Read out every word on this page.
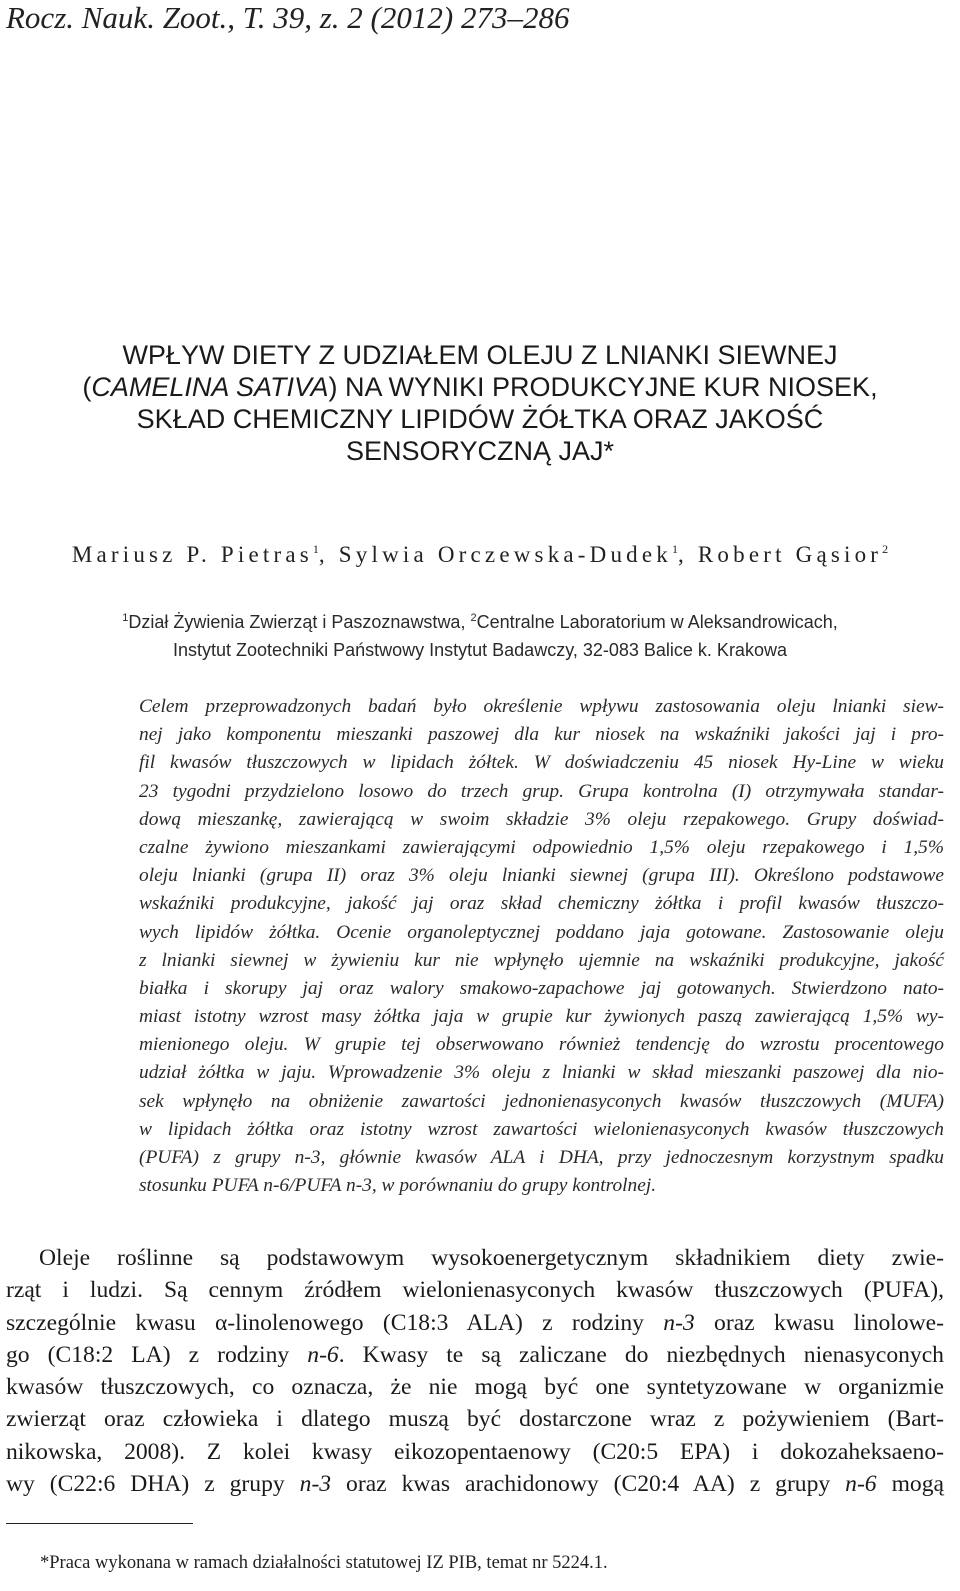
Rocz. Nauk. Zoot., T. 39, z. 2 (2012) 273–286
WPŁYW DIETY Z UDZIAŁEM OLEJU Z LNIANKI SIEWNEJ
(CAMELINA SATIVA) NA WYNIKI PRODUKCYJNE KUR NIOSEK,
SKŁAD CHEMICZNY LIPIDÓW ŻÓŁTKA ORAZ JAKOŚĆ
SENSORYCZNĄ JAJ*
Mariusz P. Pietras$^1$, Sylwia Orczewska-Dudek$^1$, Robert Gąsior$^2$
$^1$Dział Żywienia Zwierząt i Paszoznawstwa, $^2$Centralne Laboratorium w Aleksandrowicach,
Instytut Zootechniki Państwowy Instytut Badawczy, 32-083 Balice k. Krakowa
Celem przeprowadzonych badań było określenie wpływu zastosowania oleju lnianki siew-
nej jako komponentu mieszanki paszowej dla kur niosek na wskaźniki jakości jaj i pro-
fil kwasów tłuszczowych w lipidach żółtek. W doświadczeniu 45 niosek Hy-Line w wieku
23 tygodni przydzielono losowo do trzech grup. Grupa kontrolna (I) otrzymywała standar-
dową mieszankę, zawierającą w swoim składzie 3% oleju rzepakowego. Grupy doświad-
czalne żywiono mieszankami zawierającymi odpowiednio 1,5% oleju rzepakowego i 1,5%
oleju lnianki (grupa II) oraz 3% oleju lnianki siewnej (grupa III). Określono podstawowe
wskaźniki produkcyjne, jakość jaj oraz skład chemiczny żółtka i profil kwasów tłuszczo-
wych lipidów żółtka. Ocenie organoleptycznej poddano jaja gotowane. Zastosowanie oleju
z lnianki siewnej w żywieniu kur nie wpłynęło ujemnie na wskaźniki produkcyjne, jakość
białka i skorupy jaj oraz walory smakowo-zapachowe jaj gotowanych. Stwierdzono nato-
miast istotny wzrost masy żółtka jaja w grupie kur żywionych paszą zawierającą 1,5% wy-
mienionego oleju. W grupie tej obserwowano również tendencję do wzrostu procentowego
udział żółtka w jaju. Wprowadzenie 3% oleju z lnianki w skład mieszanki paszowej dla nio-
sek wpłynęło na obniżenie zawartości jednonienasyconych kwasów tłuszczowych (MUFA)
w lipidach żółtka oraz istotny wzrost zawartości wielonienasyconych kwasów tłuszczowych
(PUFA) z grupy n-3, głównie kwasów ALA i DHA, przy jednoczesnym korzystnym spadku
stosunku PUFA n-6/PUFA n-3, w porównaniu do grupy kontrolnej.
Oleje roślinne są podstawowym wysokoenergetycznym składnikiem diety zwie-
rząt i ludzi. Są cennym źródłem wielonienasyconych kwasów tłuszczowych (PUFA),
szczególnie kwasu α-linolenowego (C18:3 ALA) z rodziny n-3 oraz kwasu linolowe-
go (C18:2 LA) z rodziny n-6. Kwasy te są zaliczane do niezbędnych nienasyconych
kwasów tłuszczowych, co oznacza, że nie mogą być one syntetyzowane w organizmie
zwierząt oraz człowieka i dlatego muszą być dostarczone wraz z pożywieniem (Bart-
nikowska, 2008). Z kolei kwasy eikozopentaenowy (C20:5 EPA) i dokozaheksaeno-
wy (C22:6 DHA) z grupy n-3 oraz kwas arachidonowy (C20:4 AA) z grupy n-6 mogą
*Praca wykonana w ramach działalności statutowej IZ PIB, temat nr 5224.1.
